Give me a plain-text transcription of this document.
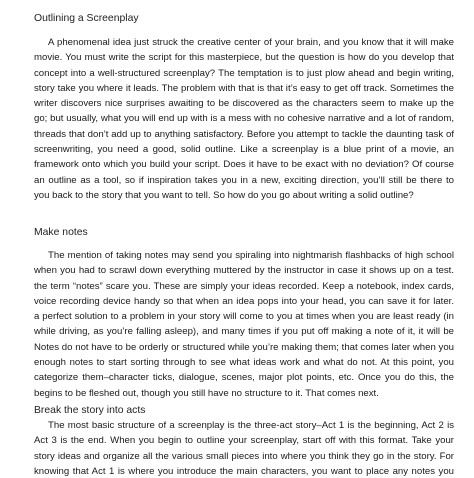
Outlining a Screenplay
A phenomenal idea just struck the creative center of your brain, and you know that it will make
movie. You must write the script for this masterpiece, but the question is how do you develop that
concept into a well-structured screenplay? The temptation is to just plow ahead and begin writing,
story take you where it leads. The problem with that is that it’s easy to get off track. Sometimes the
writer discovers nice surprises awaiting to be discovered as the characters seem to make up the
go; but usually, what you will end up with is a mess with no cohesive narrative and a lot of random,
threads that don’t add up to anything satisfactory. Before you attempt to tackle the daunting task of
screenwriting, you need a good, solid outline. Like a screenplay is a blue print of a movie, an
framework onto which you build your script. Does it have to be exact with no deviation? Of course
an outline as a tool, so if inspiration takes you in a new, exciting direction, you’ll still be there to
you back to the story that you want to tell. So how do you go about writing a solid outline?
Make notes
The mention of taking notes may send you spiraling into nightmarish flashbacks of high school
when you had to scrawl down everything muttered by the instructor in case it shows up on a test.
the term “notes” scare you. These are simply your ideas recorded. Keep a notebook, index cards,
voice recording device handy so that when an idea pops into your head, you can save it for later.
a perfect solution to a problem in your story will come to you at times when you are least ready (in
while driving, as you’re falling asleep), and many times if you put off making a note of it, it will be
Notes do not have to be orderly or structured while you’re making them; that comes later when you
enough notes to start sorting through to see what ideas work and what do not. At this point, you
categorize them–character ticks, dialogue, scenes, major plot points, etc. Once you do this, the
begins to be fleshed out, though you still have no structure to it. That comes next.
Break the story into acts
The most basic structure of a screenplay is the three-act story–Act 1 is the beginning, Act 2 is
Act 3 is the end. When you begin to outline your screenplay, start off with this format. Take your
story ideas and organize all the various small pieces into where you think they go in the story. For
knowing that Act 1 is where you introduce the main characters, you want to place any notes you
